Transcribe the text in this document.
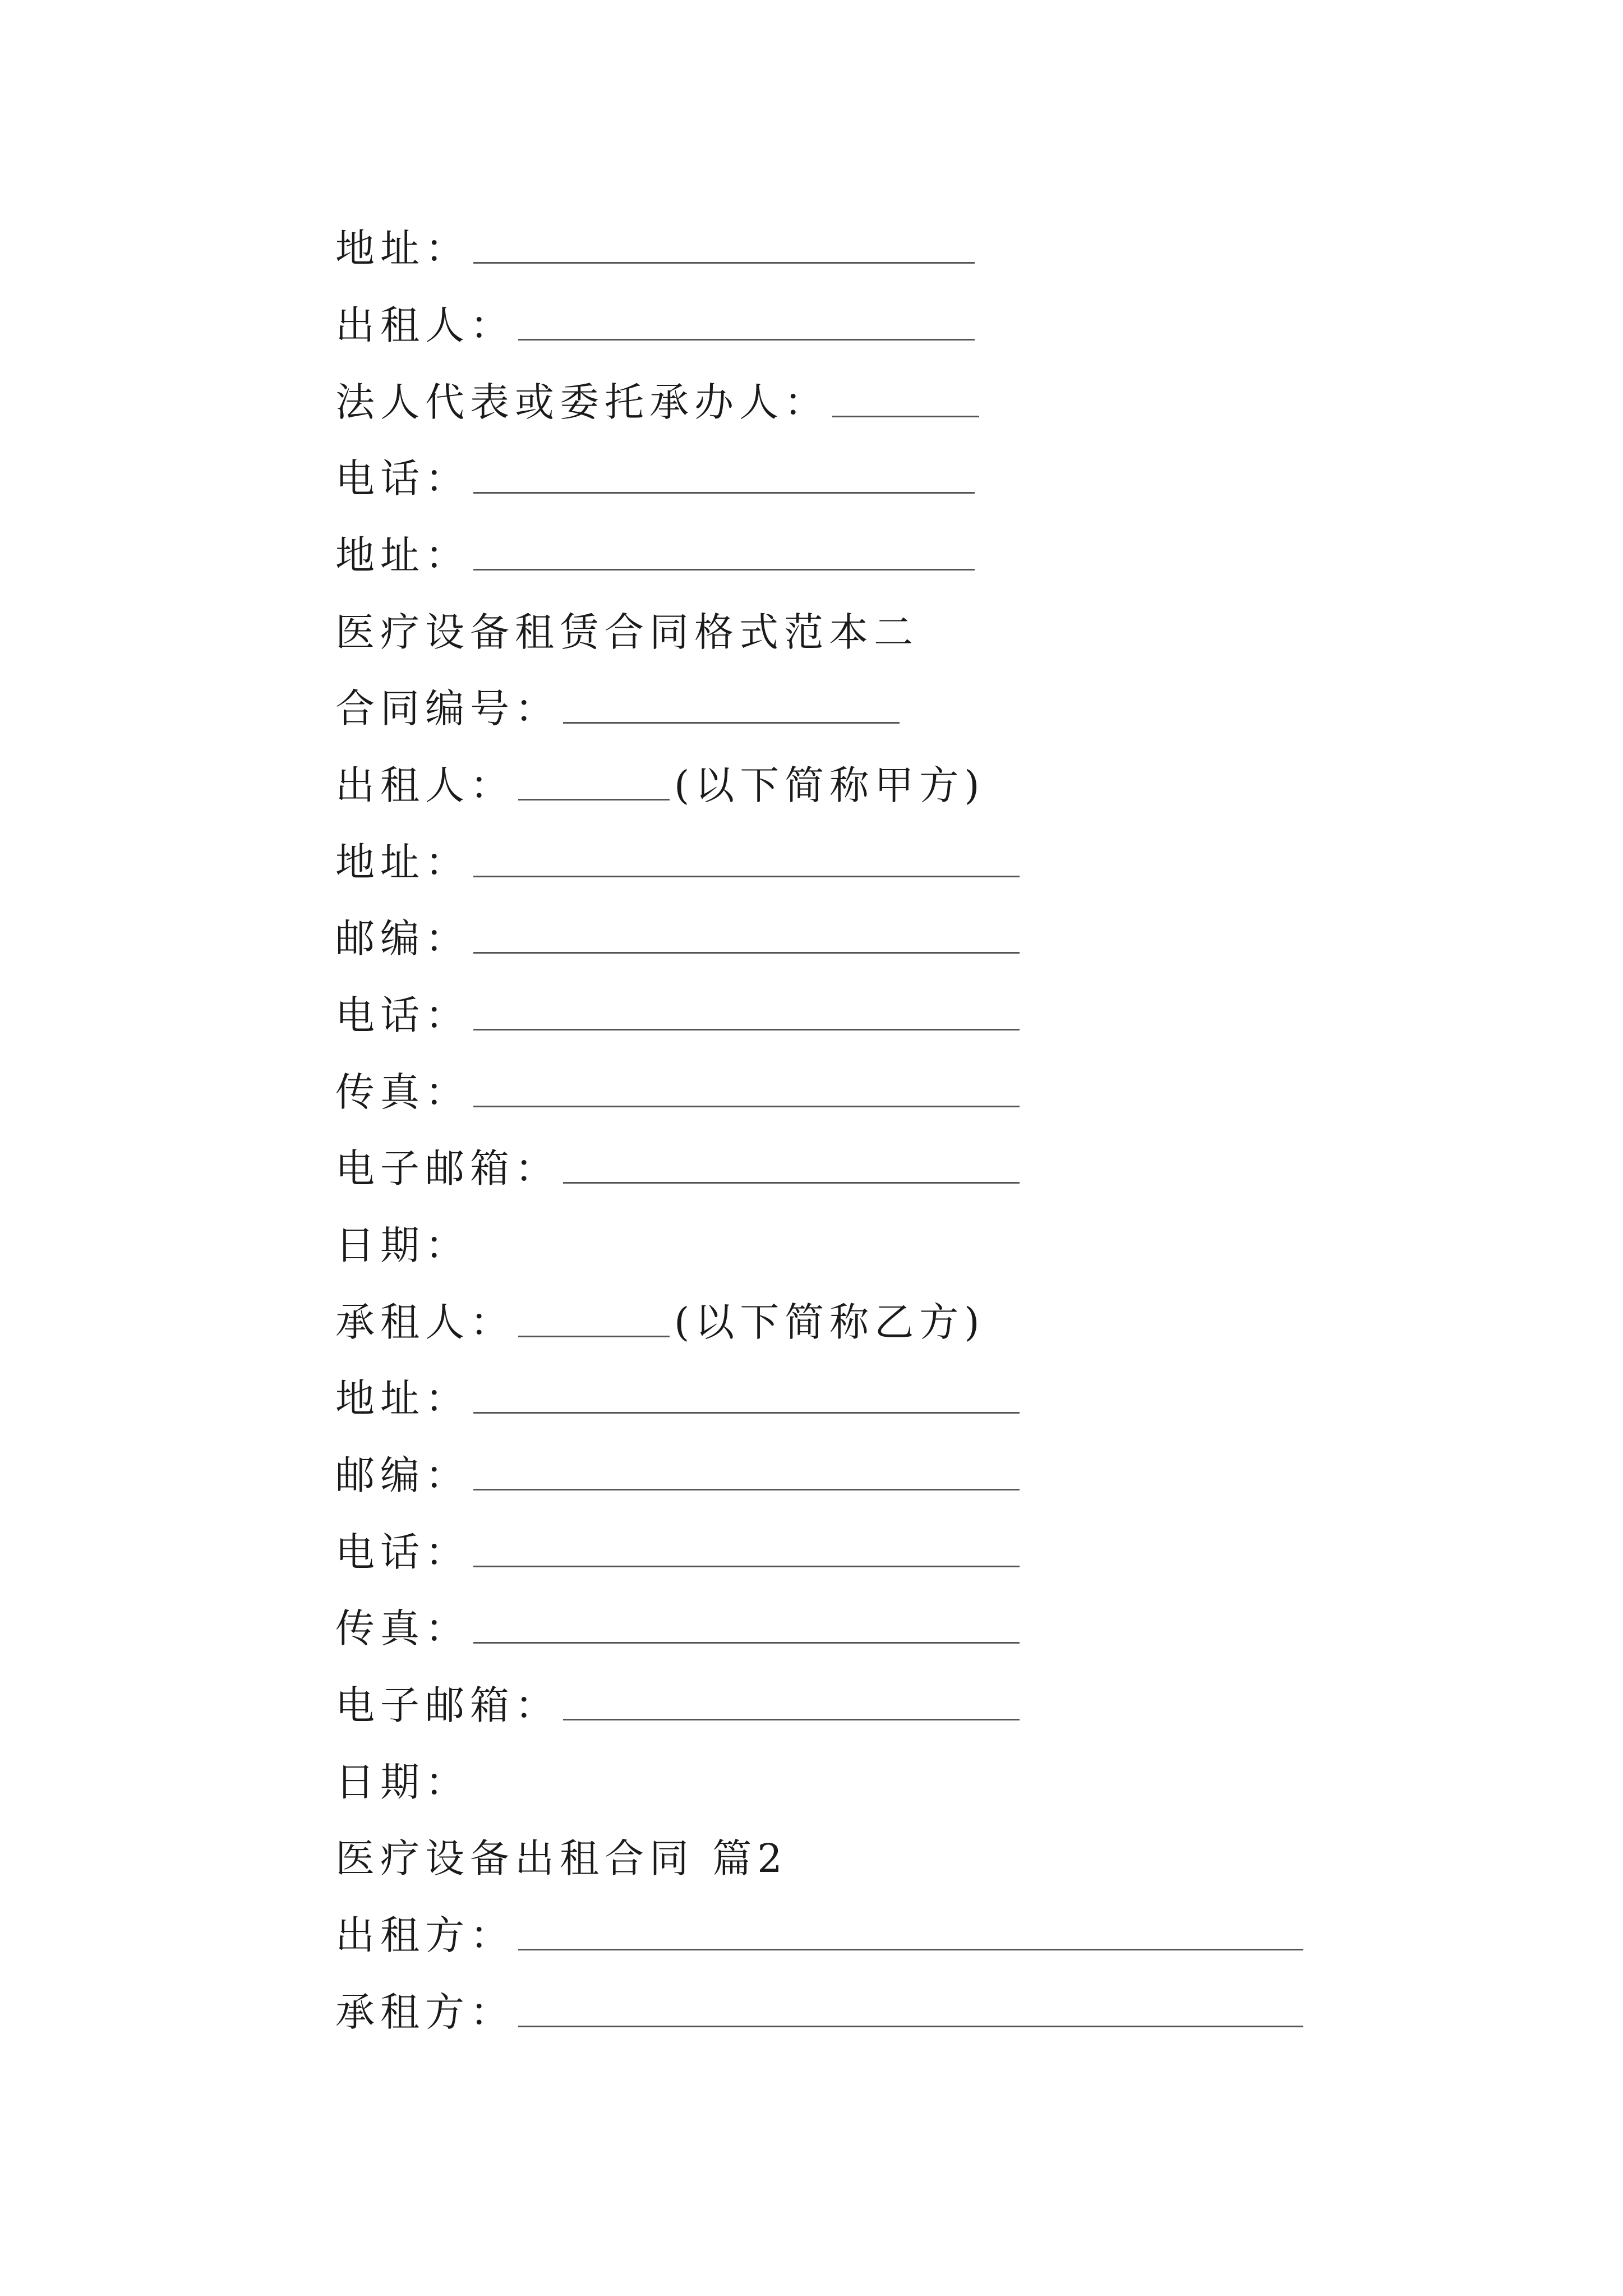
地址：
出租人：
法人代表或委托承办人：
电话：
地址：
医疗设备租赁合同格式范本二
合同编号：
出租人：	(以下简称甲方)
地址：
邮编：
电话：
传真：
电子邮箱：
日期：
承租人：	(以下简称乙方)
地址：
邮编：
电话：
传真：
电子邮箱：
日期：
医疗设备出租合同 篇2
出租方：
承租方：
